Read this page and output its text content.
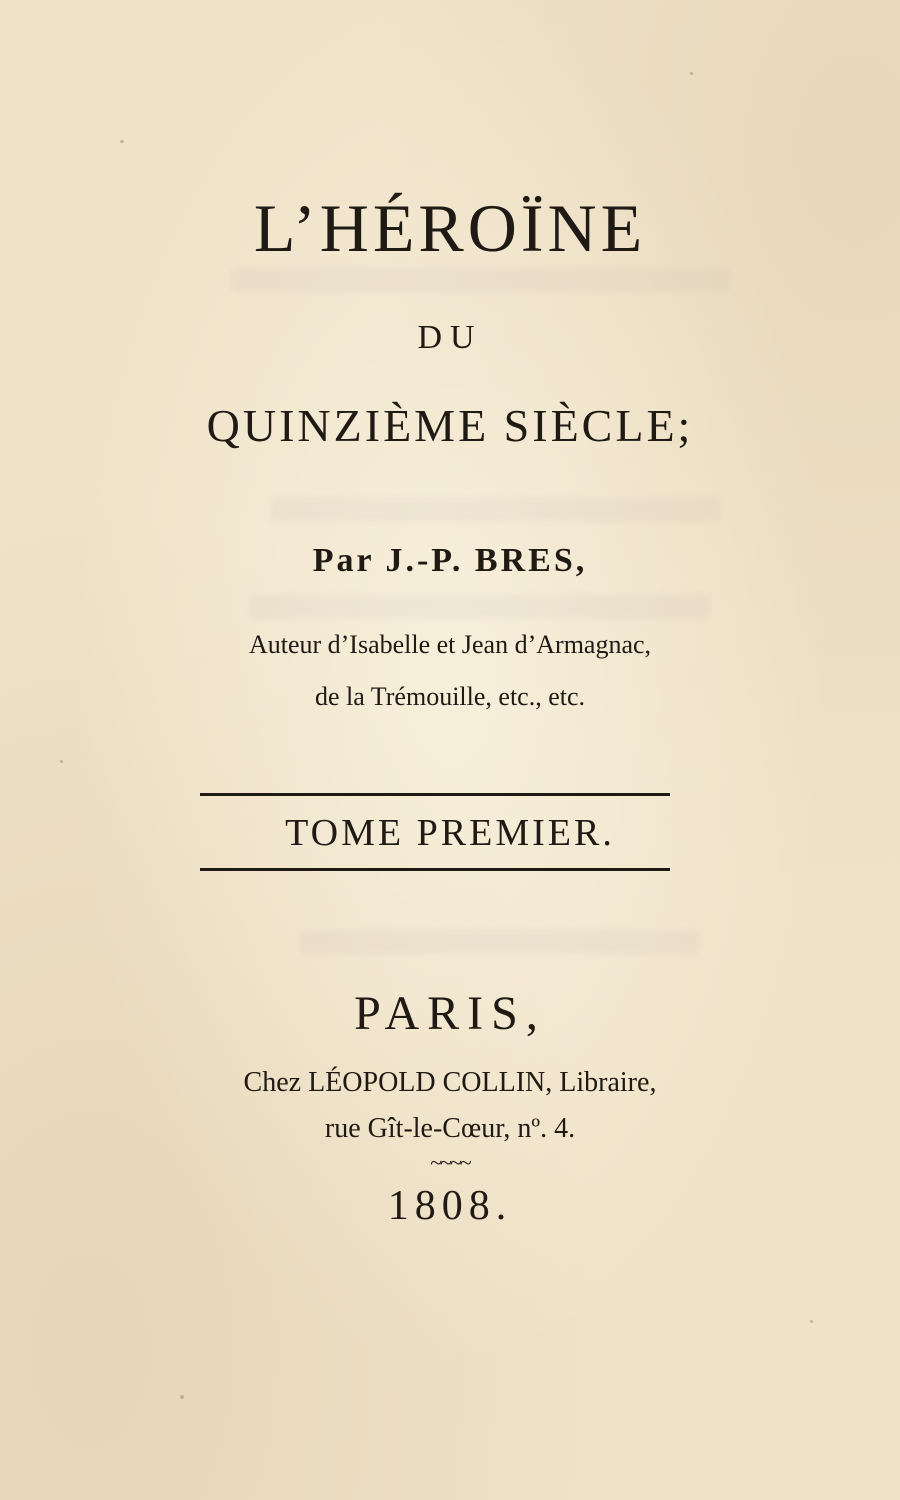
L’HÉROÏNE
DU
QUINZIÈME SIÈCLE;
Par J.-P. BRES,
Auteur d’Isabelle et Jean d’Armagnac,
de la Trémouille, etc., etc.
TOME PREMIER.
PARIS,
Chez LÉOPOLD COLLIN, Libraire,
rue Gît-le-Cœur, nº. 4.
~~~~
1808.
